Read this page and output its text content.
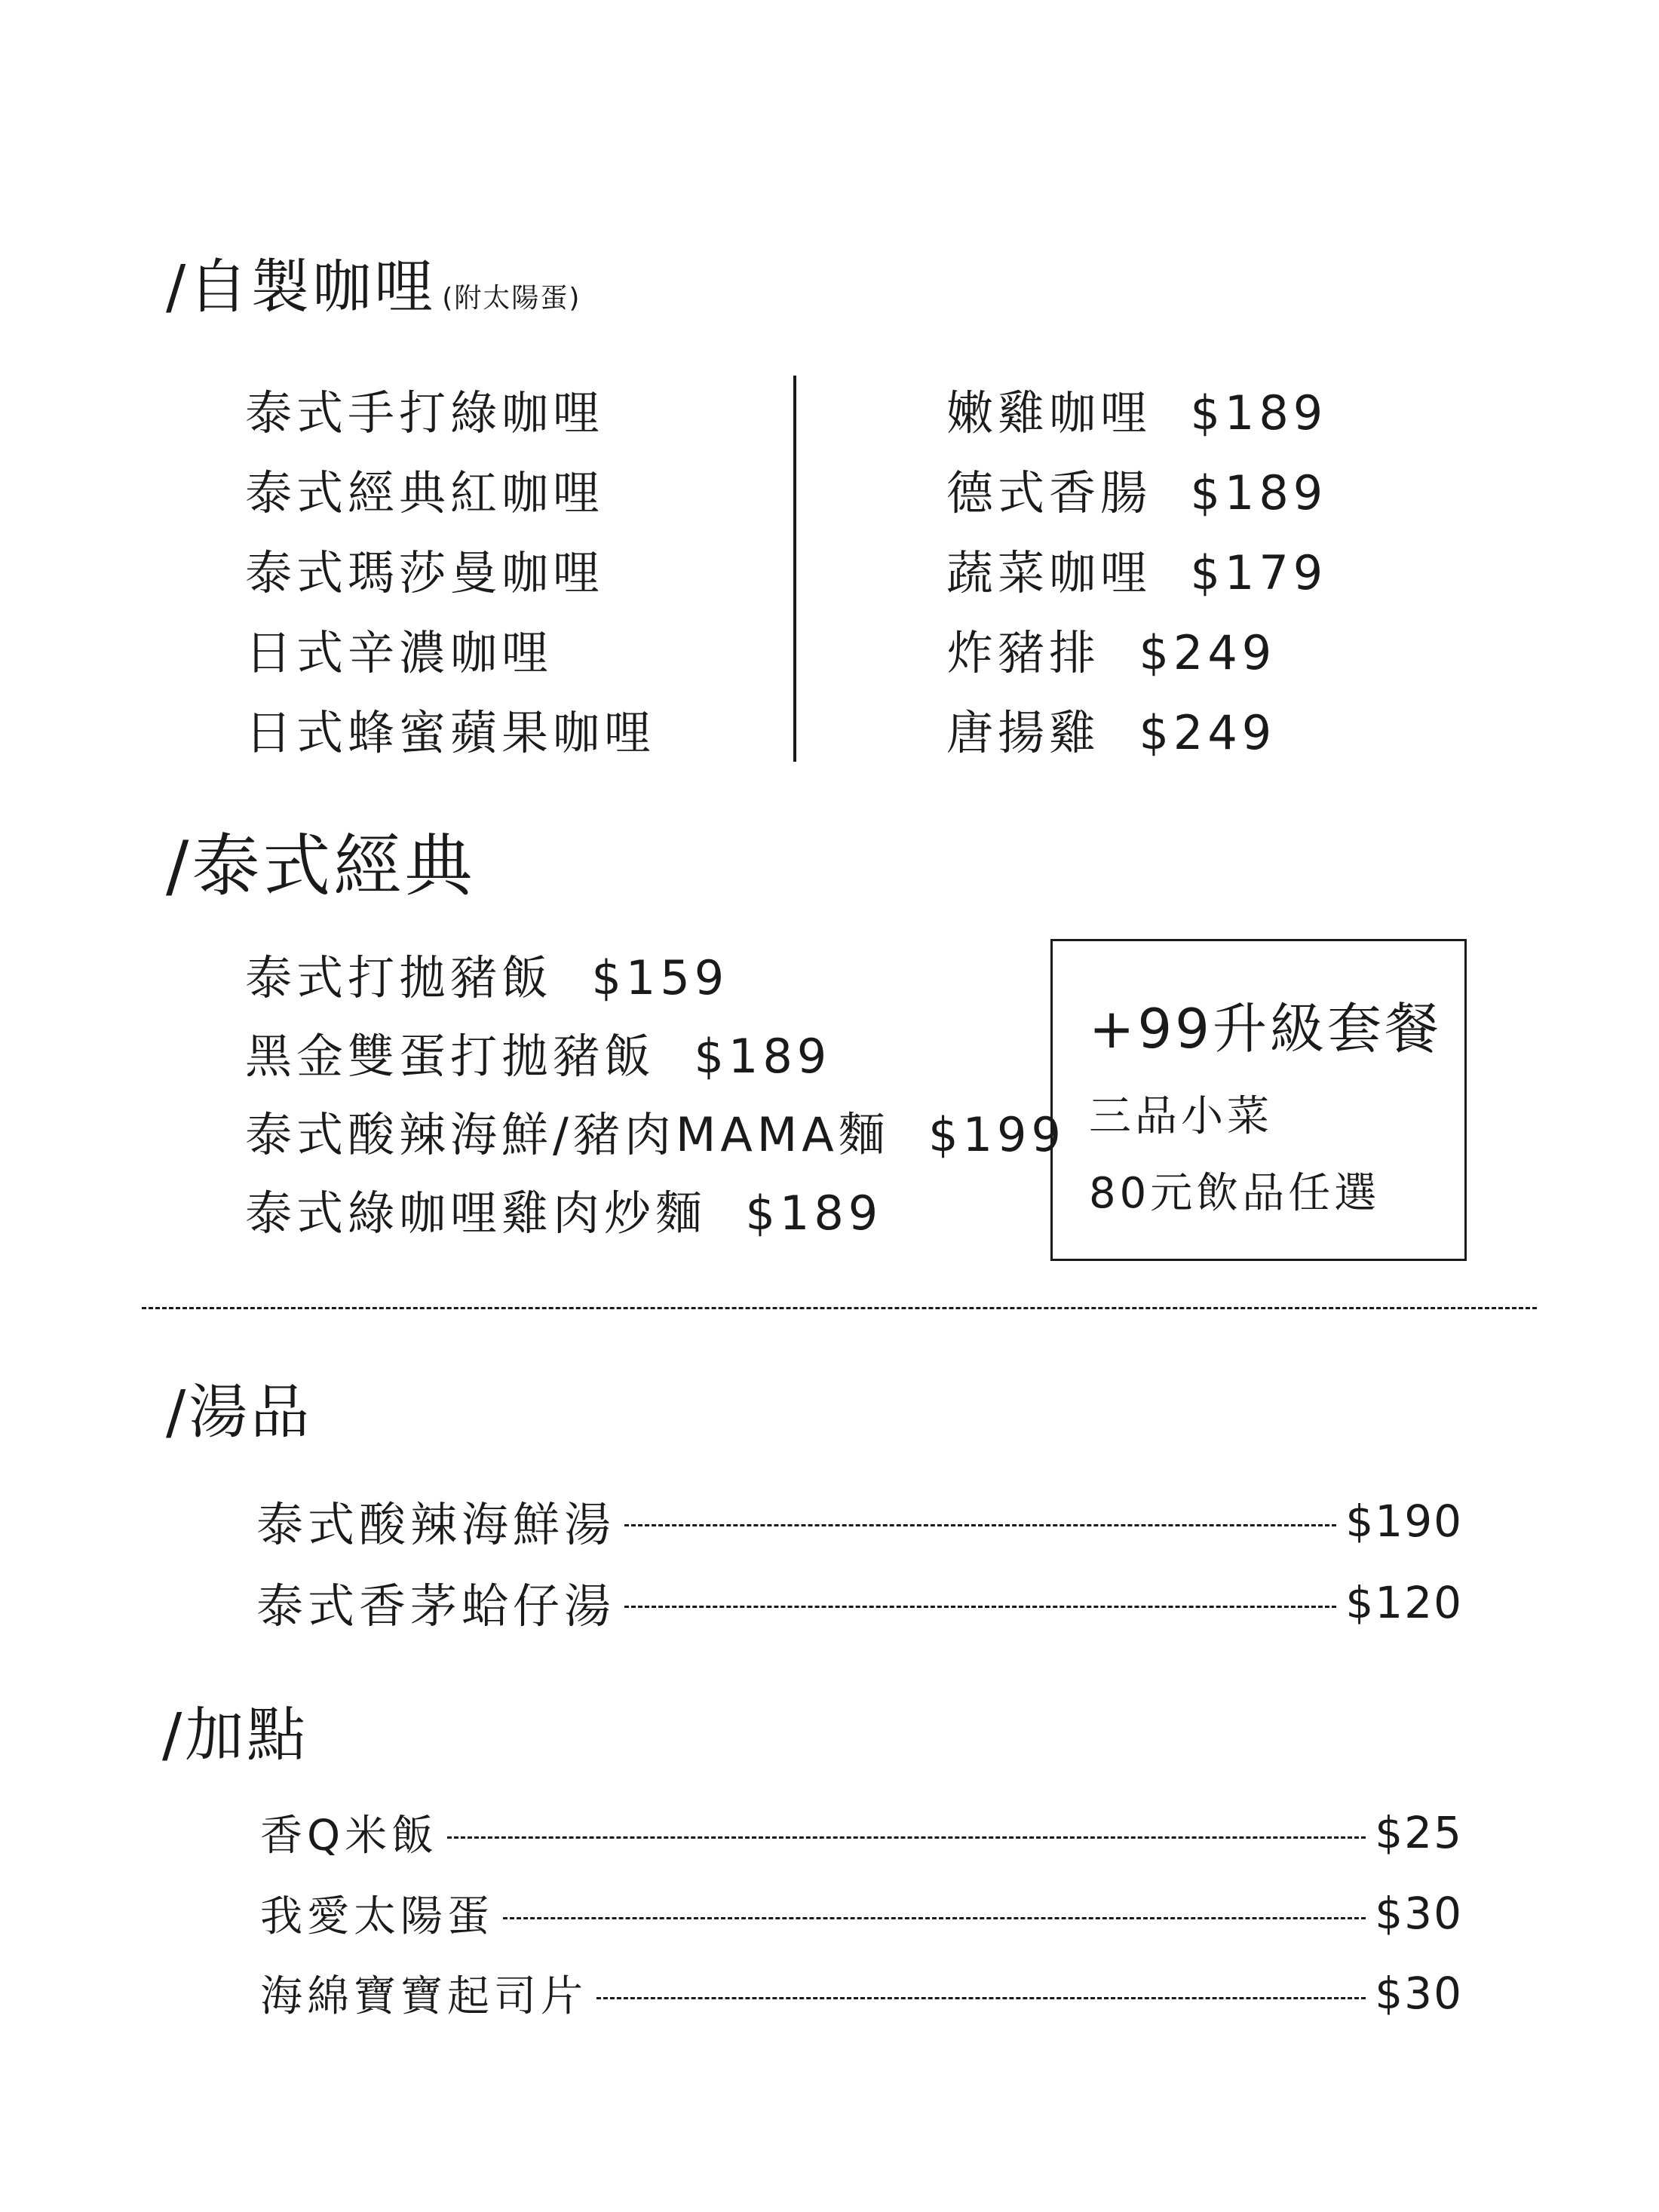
/自製咖哩 (附太陽蛋)
泰式手打綠咖哩
泰式經典紅咖哩
泰式瑪莎曼咖哩
日式辛濃咖哩
日式蜂蜜蘋果咖哩
嫩雞咖哩 $189
德式香腸 $189
蔬菜咖哩 $179
炸豬排 $249
唐揚雞 $249
/泰式經典
泰式打拋豬飯 $159
黑金雙蛋打拋豬飯 $189
泰式酸辣海鮮/豬肉MAMA麵 $199
泰式綠咖哩雞肉炒麵 $189
+99升級套餐
三品小菜
80元飲品任選
/湯品
泰式酸辣海鮮湯	$190
泰式香茅蛤仔湯	$120
/加點
香Q米飯	$25
我愛太陽蛋	$30
海綿寶寶起司片	$30
